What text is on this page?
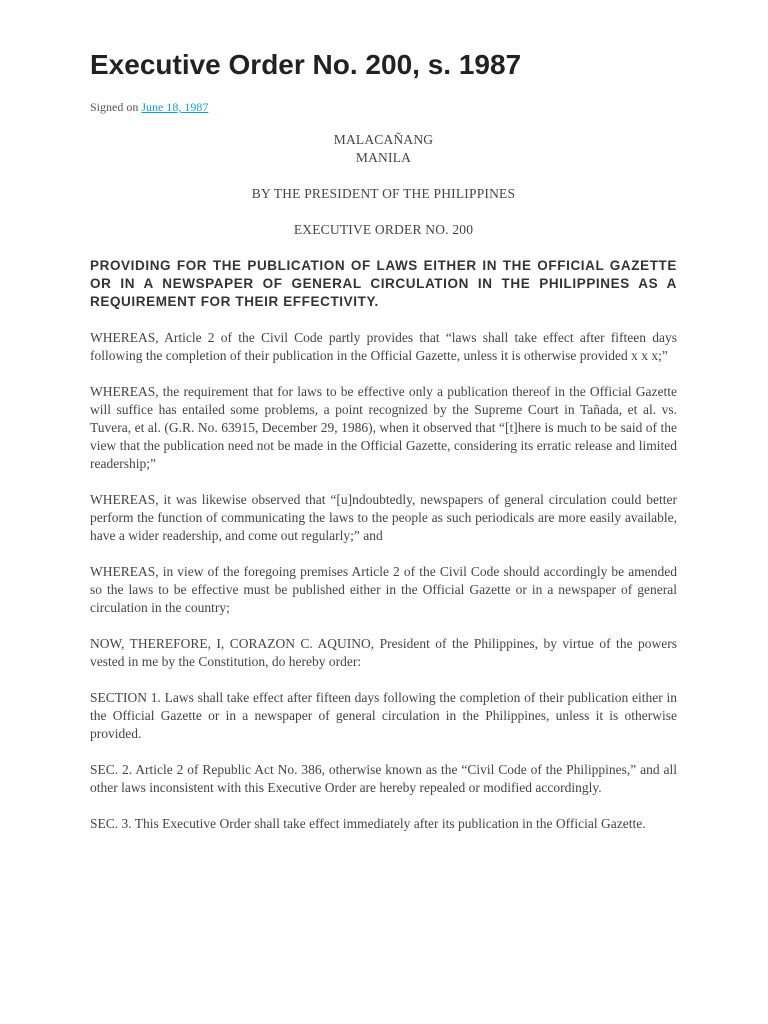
Executive Order No. 200, s. 1987
Signed on June 18, 1987

MALACAÑANG

MANILA

BY THE PRESIDENT OF THE PHILIPPINES

EXECUTIVE ORDER NO. 200

PROVIDING FOR THE PUBLICATION OF LAWS EITHER IN THE OFFICIAL GAZETTE OR IN A NEWSPAPER OF GENERAL CIRCULATION IN THE PHILIPPINES AS A REQUIREMENT FOR THEIR EFFECTIVITY.

WHEREAS, Article 2 of the Civil Code partly provides that “laws shall take effect after fifteen days following the completion of their publication in the Official Gazette, unless it is otherwise provided x x x;”

WHEREAS, the requirement that for laws to be effective only a publication thereof in the Official Gazette will suffice has entailed some problems, a point recognized by the Supreme Court in Tañada, et al. vs. Tuvera, et al. (G.R. No. 63915, December 29, 1986), when it observed that “[t]here is much to be said of the view that the publication need not be made in the Official Gazette, considering its erratic release and limited readership;”

WHEREAS, it was likewise observed that “[u]ndoubtedly, newspapers of general circulation could better perform the function of communicating the laws to the people as such periodicals are more easily available, have a wider readership, and come out regularly;” and

WHEREAS, in view of the foregoing premises Article 2 of the Civil Code should accordingly be amended so the laws to be effective must be published either in the Official Gazette or in a newspaper of general circulation in the country;

NOW, THEREFORE, I, CORAZON C. AQUINO, President of the Philippines, by virtue of the powers vested in me by the Constitution, do hereby order:

SECTION 1. Laws shall take effect after fifteen days following the completion of their publication either in the Official Gazette or in a newspaper of general circulation in the Philippines, unless it is otherwise provided.

SEC. 2. Article 2 of Republic Act No. 386, otherwise known as the “Civil Code of the Philippines,” and all other laws inconsistent with this Executive Order are hereby repealed or modified accordingly.

SEC. 3. This Executive Order shall take effect immediately after its publication in the Official Gazette.
